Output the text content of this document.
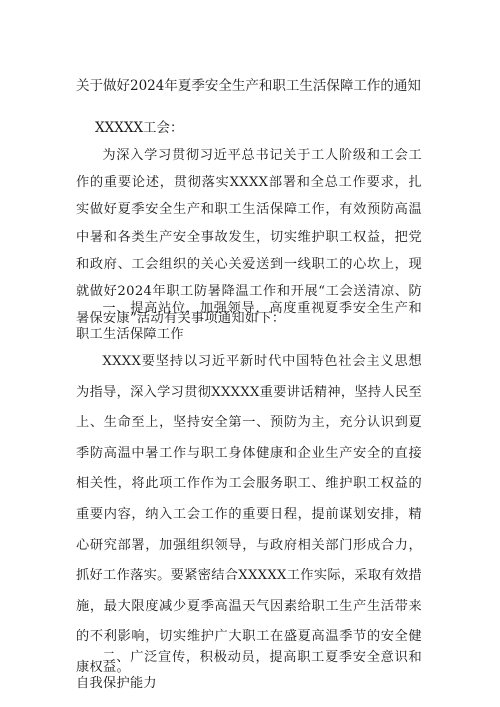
关于做好2024年夏季安全生产和职工生活保障工作的通知
XXXXX工会：
为深入学习贯彻习近平总书记关于工人阶级和工会工作的重要论述，贯彻落实XXXX部署和全总工作要求，扎实做好夏季安全生产和职工生活保障工作，有效预防高温中暑和各类生产安全事故发生，切实维护职工权益，把党和政府、工会组织的关心关爱送到一线职工的心坎上，现就做好2024年职工防暑降温工作和开展“工会送清凉、防暑保安康”活动有关事项通知如下：
一、提高站位，加强领导，高度重视夏季安全生产和职工生活保障工作
XXXX要坚持以习近平新时代中国特色社会主义思想为指导，深入学习贯彻XXXXX重要讲话精神，坚持人民至上、生命至上，坚持安全第一、预防为主，充分认识到夏季防高温中暑工作与职工身体健康和企业生产安全的直接相关性，将此项工作作为工会服务职工、维护职工权益的重要内容，纳入工会工作的重要日程，提前谋划安排，精心研究部署，加强组织领导，与政府相关部门形成合力，抓好工作落实。要紧密结合XXXXX工作实际，采取有效措施，最大限度减少夏季高温天气因素给职工生产生活带来的不利影响，切实维护广大职工在盛夏高温季节的安全健康权益。
二、广泛宣传，积极动员，提高职工夏季安全意识和自我保护能力
